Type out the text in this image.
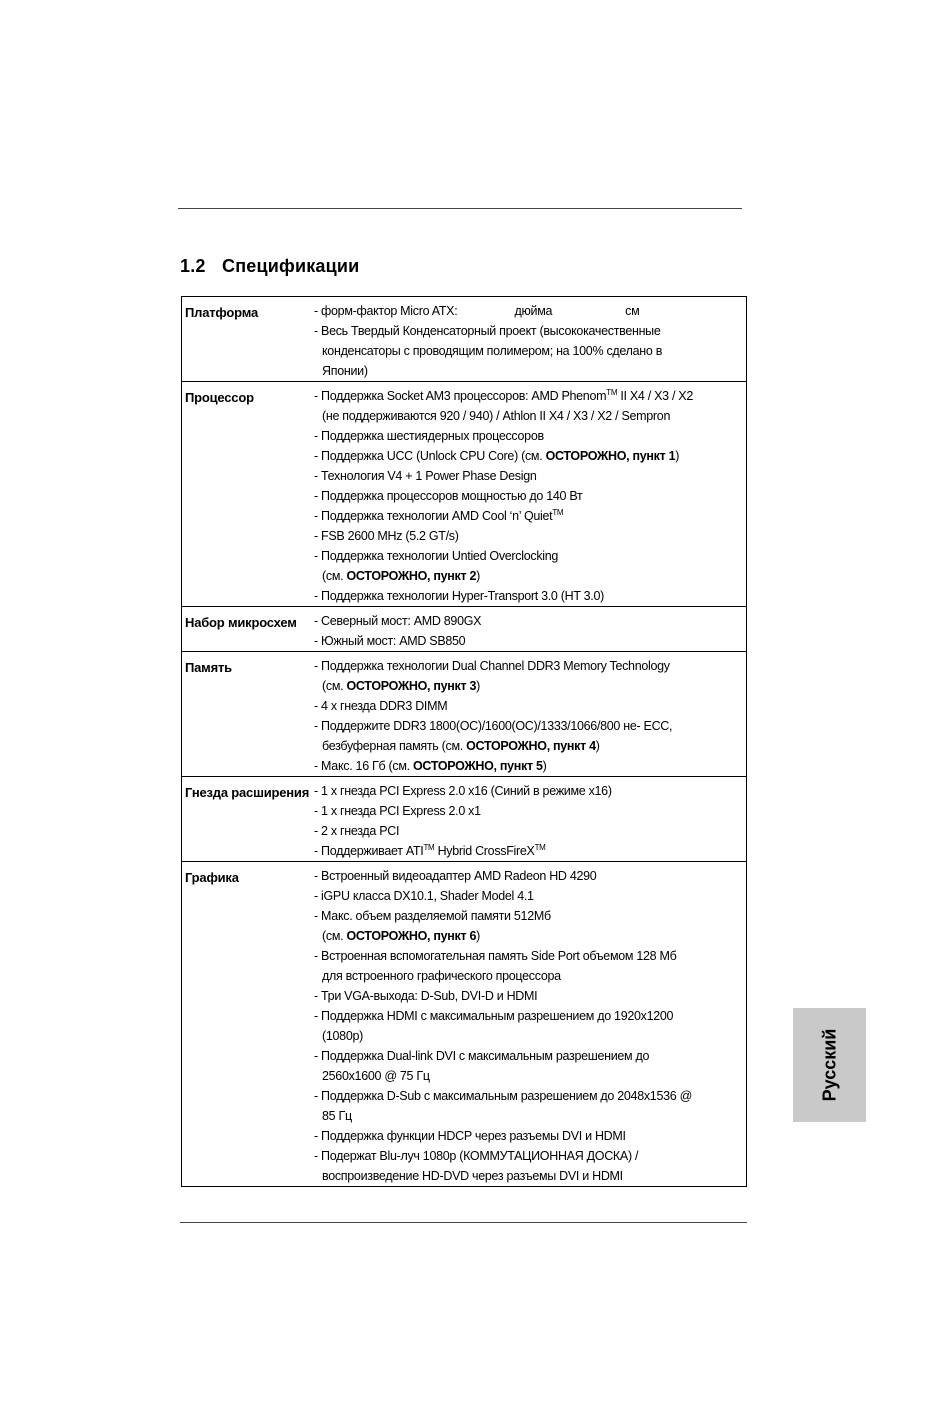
1.2 Спецификации
Платформа	- форм-фактор Micro ATX:                  дюйма                       см
- Весь Твердый Конденсаторный проект (высококачественные
конденсаторы с проводящим полимером; на 100% сделано в
Японии)
Процессор	- Поддержка Socket AM3 процессоров: AMD Phenom™ II X4 / X3 / X2
(не поддерживаются 920 / 940) / Athlon II X4 / X3 / X2 / Sempron
- Поддержка шестиядерных процессоров
- Поддержка UCC (Unlock CPU Core) (см. ОСТОРОЖНО, пункт 1)
- Технология V4 + 1 Power Phase Design
- Поддержка процессоров мощностью до 140 Вт
- Поддержка технологии AMD Cool ‘n’ Quiet™
- FSB 2600 MHz (5.2 GT/s)
- Поддержка технологии Untied Overclocking
(см. ОСТОРОЖНО, пункт 2)
- Поддержка технологии Hyper-Transport 3.0 (HT 3.0)
Набор микросхем	- Северный мост: AMD 890GX
- Южный мост: AMD SB850
Память	- Поддержка технологии Dual Channel DDR3 Memory Technology
(см. ОСТОРОЖНО, пункт 3)
- 4 x гнезда DDR3 DIMM
- Поддержите DDR3 1800(OC)/1600(OC)/1333/1066/800 не- ECC,
безбуферная память (см. ОСТОРОЖНО, пункт 4)
- Макс. 16 Гб (см. ОСТОРОЖНО, пункт 5)
Гнезда расширения - 1 x гнезда PCI Express 2.0 x16 (Синий в режиме x16)
- 1 x гнезда PCI Express 2.0 x1
- 2 x гнезда PCI
- Поддерживает ATI™ Hybrid CrossFireX™
Графика	- Встроенный видеоадаптер AMD Radeon HD 4290
- iGPU класса DX10.1, Shader Model 4.1
- Макс. объем разделяемой памяти 512Мб
(см. ОСТОРОЖНО, пункт 6)
- Встроенная вспомогательная память Side Port объемом 128 Мб
для встроенного графического процессора
- Три VGA-выхода: D-Sub, DVI-D и HDMI
- Поддержка HDMI с максимальным разрешением до 1920x1200
(1080p)
- Поддержка Dual-link DVI с максимальным разрешением до
2560x1600 @ 75 Гц
- Поддержка D-Sub с максимальным разрешением до 2048x1536 @
85 Гц
- Поддержка функции HDCP через разъемы DVI и HDMI
- Подержат Blu-луч 1080p (КОММУТАЦИОННАЯ ДОСКА) /
воспроизведение HD-DVD через разъемы DVI и HDMI
Русский
